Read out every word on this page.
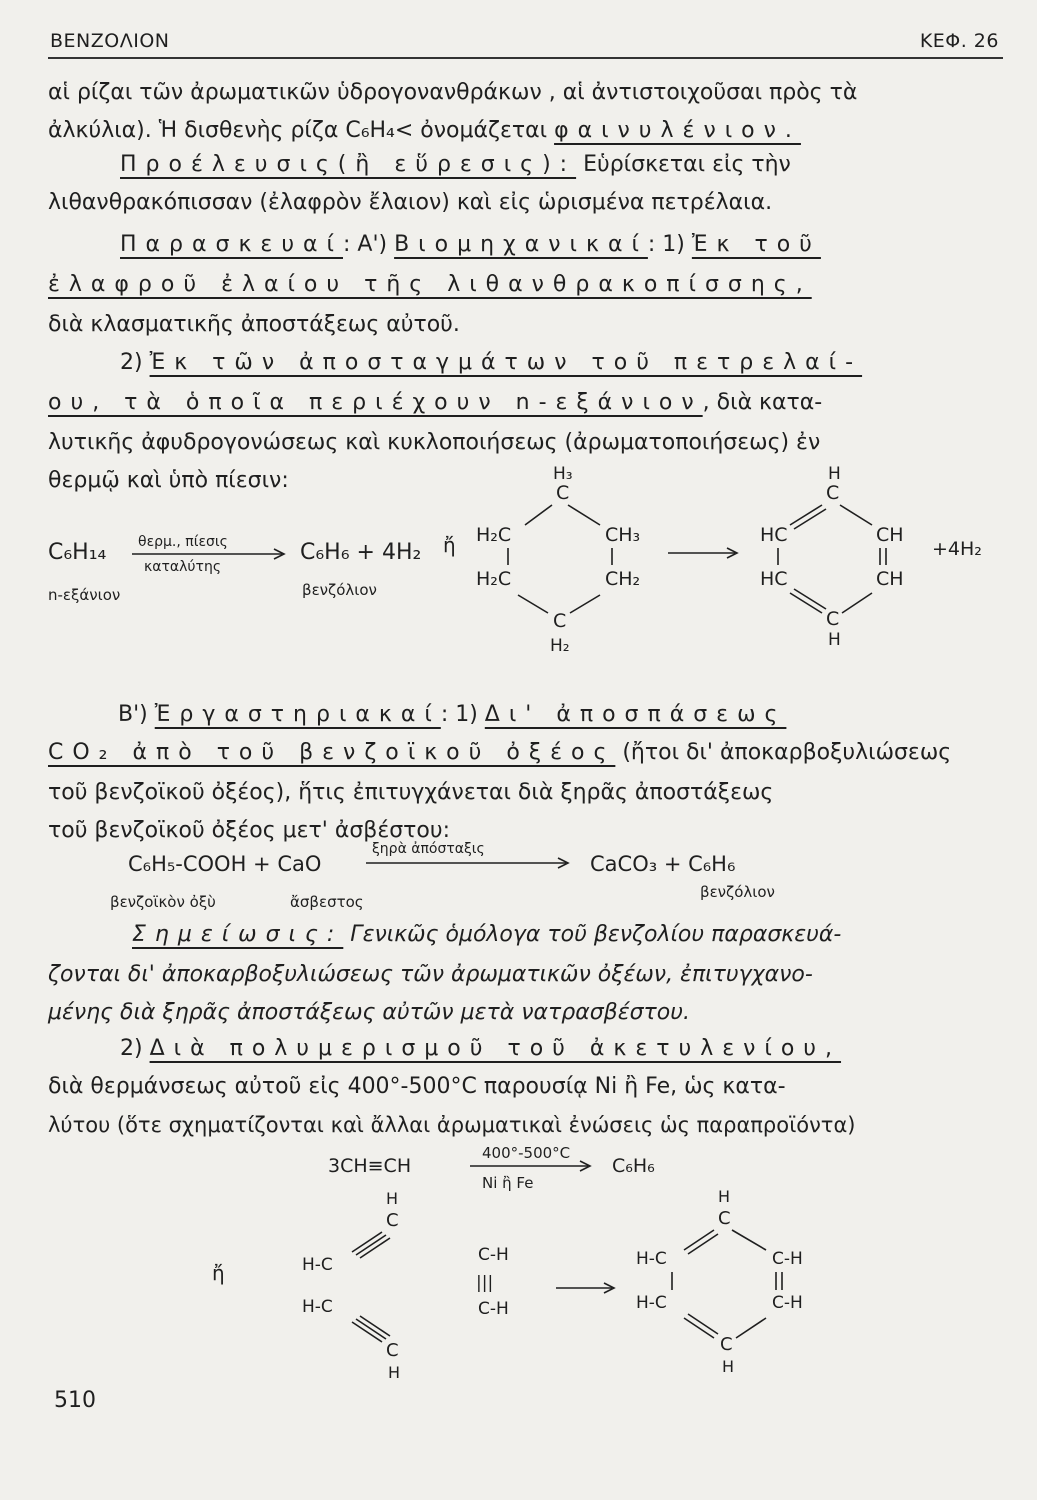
BENZOΛION	ΚΕΦ. 26
αἱ ρίζαι τῶν ἀρωματικῶν ὑδρογονανθράκων , αἱ ἀντιστοιχοῦσαι πρὸς τὰ
ἀλκύλια). Ἡ δισθενὴς ρίζα C₆H₄< ὀνομάζεται φαινυλένιον.
Προέλευσις(ἢ εὕρεσις): Εὑρίσκεται εἰς τὴν
λιθανθρακόπισσαν (ἐλαφρὸν ἔλαιον) καὶ εἰς ὡρισμένα πετρέλαια.
Παρασκευαί: Α') Βιομηχανικαί: 1) Ἐκ τοῦ
ἐλαφροῦ ἐλαίου τῆς λιθανθρακοπίσσης,
διὰ κλασματικῆς ἀποστάξεως αὐτοῦ.
2) Ἐκ τῶν ἀποσταγμάτων τοῦ πετρελαί-
ου, τὰ ὁποῖα περιέχουν n-εξάνιον, διὰ κατα-
λυτικῆς ἀφυδρογονώσεως καὶ κυκλοποιήσεως (ἀρωματοποιήσεως) ἐν
θερμῷ καὶ ὑπὸ πίεσιν:
C₆H₁₄
n-εξάνιον
θερμ., πίεσις
καταλύτης
C₆H₆ + 4H₂
βενζόλιον
ἤ
H₃
C
H₂C	CH₃
H₂C	CH₂
C
H₂
H
C
HC	CH
+4H₂
HC	CH
C
H
Β') Ἐργαστηριακαί: 1) Δι' ἀποσπάσεως
CO₂ ἀπὸ τοῦ βενζοϊκοῦ ὀξέος (ἤτοι δι' ἀποκαρβοξυλιώσεως
τοῦ βενζοϊκοῦ ὀξέος), ἥτις ἐπιτυγχάνεται διὰ ξηρᾶς ἀποστάξεως
τοῦ βενζοϊκοῦ ὀξέος μετ' ἀσβέστου:
C₆H₅-COOH + CaO
ξηρὰ ἀπόσταξις
CaCO₃ + C₆H₆
βενζοϊκὸν ὀξὺ	ἄσβεστος
βενζόλιον
Σημείωσις: Γενικῶς ὁμόλογα τοῦ βενζολίου παρασκευά-
ζονται δι' ἀποκαρβοξυλιώσεως τῶν ἀρωματικῶν ὀξέων, ἐπιτυγχανο-
μένης διὰ ξηρᾶς ἀποστάξεως αὐτῶν μετὰ νατρασβέστου.
2) Διὰ πολυμερισμοῦ τοῦ ἀκετυλενίου,
διὰ θερμάνσεως αὐτοῦ εἰς 400°-500°C παρουσίᾳ Ni ἢ Fe, ὡς κατα-
λύτου (ὅτε σχηματίζονται καὶ ἄλλαι ἀρωματικαὶ ἐνώσεις ὡς παραπροϊόντα)
3CH≡CH
400°-500°C
Ni ἢ Fe
C₆H₆
ἤ
H
C
H-C
H-C
C
H
C-H
|||
C-H
H
C
H-C	C-H
H-C	C-H
C
H
510
